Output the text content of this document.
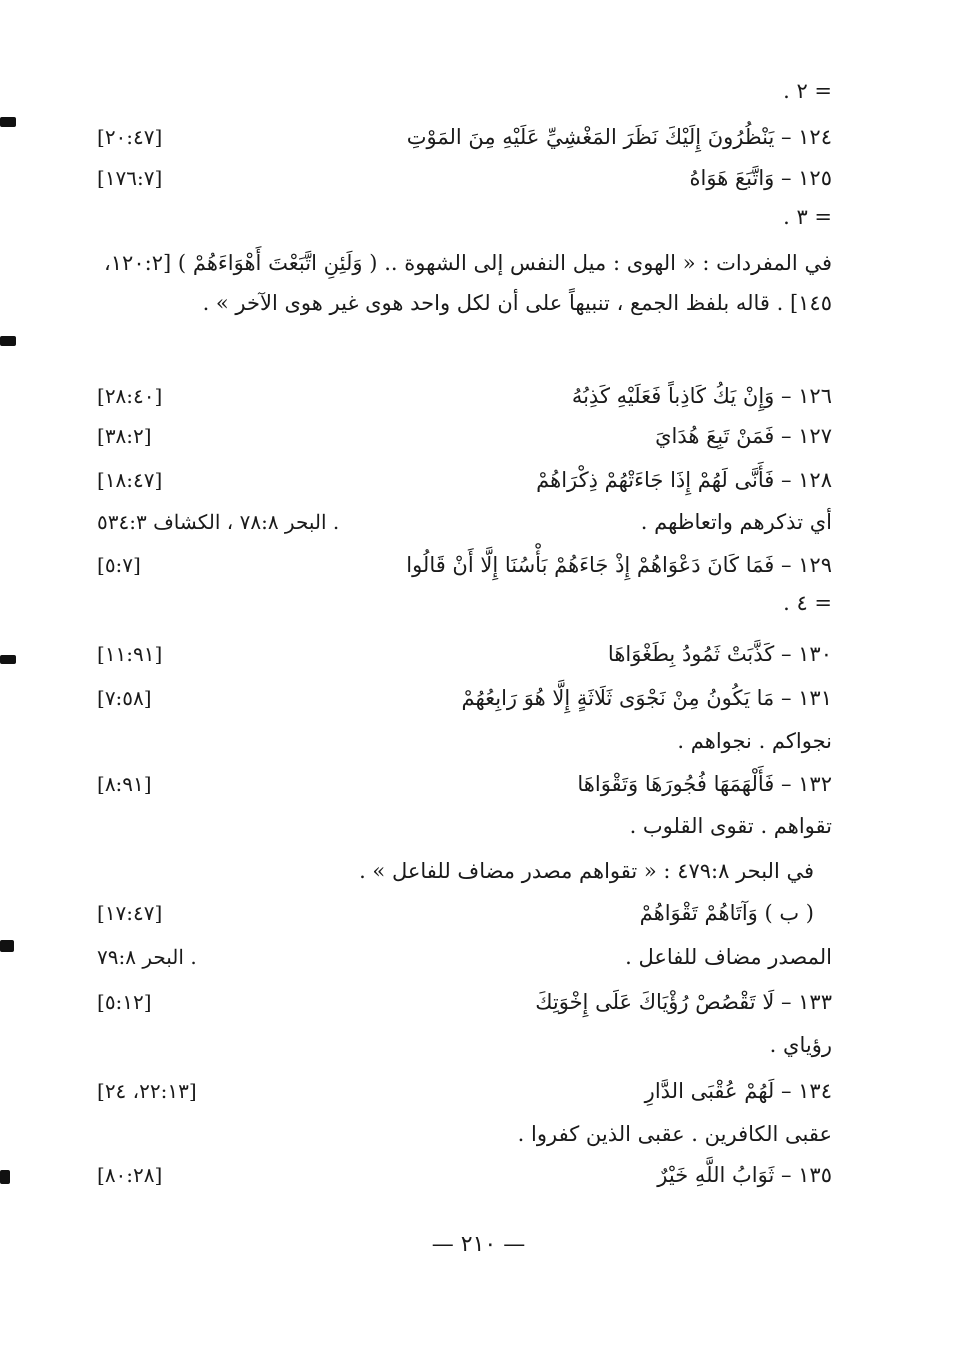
= ٢ .
١٢٤ – يَنْظُرُونَ إِلَيْكَ نَظَرَ المَغْشِيِّ عَلَيْهِ مِنَ المَوْتِ
[٢٠:٤٧]
١٢٥ – وَاتَّبَعَ هَوَاهُ
[١٧٦:٧]
= ٣ .
في المفردات : « الهوى : ميل النفس إلى الشهوة .. ( وَلَئِنِ اتَّبَعْتَ أَهْوَاءَهُمْ ) [١٢٠:٢، ١٤٥] . قاله بلفظ الجمع ، تنبيهاً على أن لكل واحد هوى غير هوى الآخر » .
١٢٦ – وَإِنْ يَكُ كَاذِباً فَعَلَيْهِ كَذِبُهُ
[٢٨:٤٠]
١٢٧ – فَمَنْ تَبِعَ هُدَايَ
[٣٨:٢]
١٢٨ – فَأَنَّى لَهُمْ إِذَا جَاءَتْهُمْ ذِكْرَاهُمْ
[١٨:٤٧]
أي تذكرهم واتعاظهم .
البحر ٧٨:٨ ، الكشاف ٥٣٤:٣ .
١٢٩ – فَمَا كَانَ دَعْوَاهُمْ إِذْ جَاءَهُمْ بَأْسُنَا إِلَّا أَنْ قَالُوا
[٥:٧]
= ٤ .
١٣٠ – كَذَّبَتْ ثَمُودُ بِطَغْوَاهَا
[١١:٩١]
١٣١ – مَا يَكُونُ مِنْ نَجْوَى ثَلَاثَةٍ إِلَّا هُوَ رَابِعُهُمْ
[٧:٥٨]
نجواكم . نجواهم .
١٣٢ – فَأَلْهَمَهَا فُجُورَهَا وَتَقْوَاهَا
[٨:٩١]
تقواهم . تقوى القلوب .
في البحر ٤٧٩:٨ : « تقواهم مصدر مضاف للفاعل » .
( ب ) وَآتَاهُمْ تَقْوَاهُمْ
[١٧:٤٧]
المصدر مضاف للفاعل .
البحر ٧٩:٨ .
١٣٣ – لَا تَقْصُصْ رُؤْيَاكَ عَلَى إِخْوَتِكَ
[٥:١٢]
رؤياي .
١٣٤ – لَهُمْ عُقْبَى الدَّارِ
[٢٢:١٣، ٢٤]
عقبى الكافرين . عقبى الذين كفروا .
١٣٥ – ثَوَابُ اللَّهِ خَيْرٌ
[٨٠:٢٨]
— ٢١٠ —
